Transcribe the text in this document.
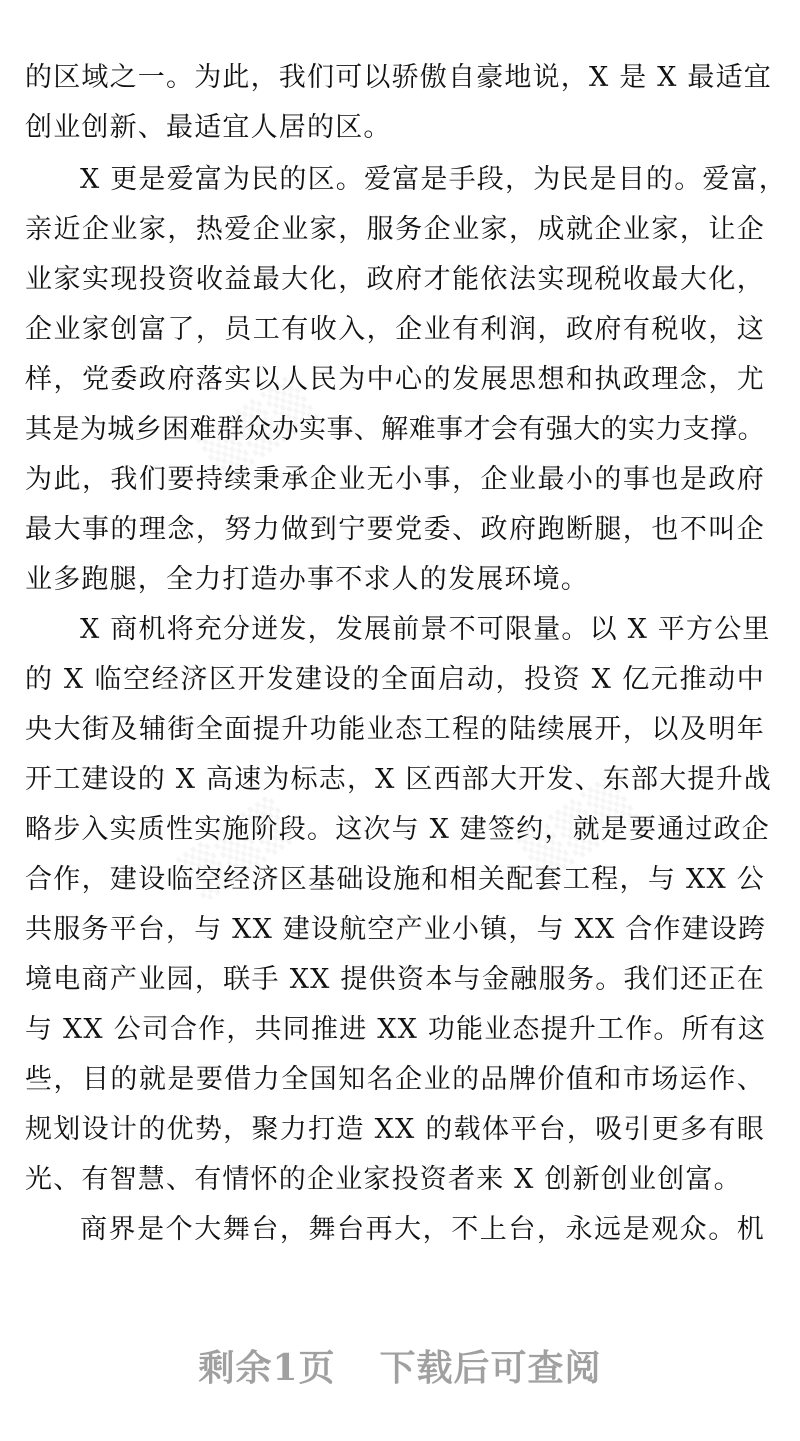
的区域之一。为此，我们可以骄傲自豪地说，X 是 X 最适宜
创业创新、最适宜人居的区。
X 更是爱富为民的区。爱富是手段，为民是目的。爱富，
亲近企业家，热爱企业家，服务企业家，成就企业家，让企
业家实现投资收益最大化，政府才能依法实现税收最大化，
企业家创富了，员工有收入，企业有利润，政府有税收，这
样，党委政府落实以人民为中心的发展思想和执政理念，尤
其是为城乡困难群众办实事、解难事才会有强大的实力支撑。
为此，我们要持续秉承企业无小事，企业最小的事也是政府
最大事的理念，努力做到宁要党委、政府跑断腿，也不叫企
业多跑腿，全力打造办事不求人的发展环境。
X 商机将充分迸发，发展前景不可限量。以 X 平方公里
的 X 临空经济区开发建设的全面启动，投资 X 亿元推动中
央大街及辅街全面提升功能业态工程的陆续展开，以及明年
开工建设的 X 高速为标志，X 区西部大开发、东部大提升战
略步入实质性实施阶段。这次与 X 建签约，就是要通过政企
合作，建设临空经济区基础设施和相关配套工程，与 XX 公
共服务平台，与 XX 建设航空产业小镇，与 XX 合作建设跨
境电商产业园，联手 XX 提供资本与金融服务。我们还正在
与 XX 公司合作，共同推进 XX 功能业态提升工作。所有这
些，目的就是要借力全国知名企业的品牌价值和市场运作、
规划设计的优势，聚力打造 XX 的载体平台，吸引更多有眼
光、有智慧、有情怀的企业家投资者来 X 创新创业创富。
商界是个大舞台，舞台再大，不上台，永远是观众。机
剩余1页 下载后可查阅
